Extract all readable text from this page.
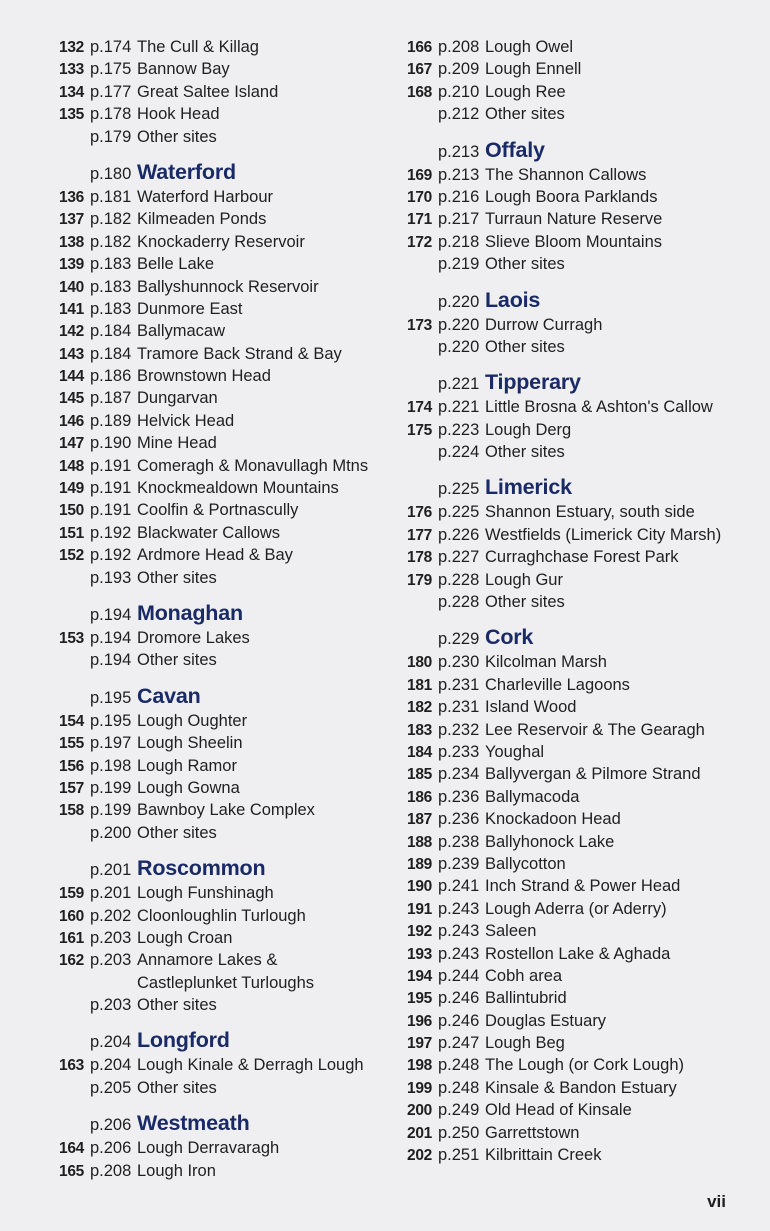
132 p.174 The Cull & Killag
133 p.175 Bannow Bay
134 p.177 Great Saltee Island
135 p.178 Hook Head
p.179 Other sites
p.180 Waterford
136 p.181 Waterford Harbour
137 p.182 Kilmeaden Ponds
138 p.182 Knockaderry Reservoir
139 p.183 Belle Lake
140 p.183 Ballyshunnock Reservoir
141 p.183 Dunmore East
142 p.184 Ballymacaw
143 p.184 Tramore Back Strand & Bay
144 p.186 Brownstown Head
145 p.187 Dungarvan
146 p.189 Helvick Head
147 p.190 Mine Head
148 p.191 Comeragh & Monavullagh Mtns
149 p.191 Knockmealdown Mountains
150 p.191 Coolfin & Portnascully
151 p.192 Blackwater Callows
152 p.192 Ardmore Head & Bay
p.193 Other sites
p.194 Monaghan
153 p.194 Dromore Lakes
p.194 Other sites
p.195 Cavan
154 p.195 Lough Oughter
155 p.197 Lough Sheelin
156 p.198 Lough Ramor
157 p.199 Lough Gowna
158 p.199 Bawnboy Lake Complex
p.200 Other sites
p.201 Roscommon
159 p.201 Lough Funshinagh
160 p.202 Cloonloughlin Turlough
161 p.203 Lough Croan
162 p.203 Annamore Lakes &
Castleplunket Turloughs
p.203 Other sites
p.204 Longford
163 p.204 Lough Kinale & Derragh Lough
p.205 Other sites
p.206 Westmeath
164 p.206 Lough Derravaragh
165 p.208 Lough Iron
166 p.208 Lough Owel
167 p.209 Lough Ennell
168 p.210 Lough Ree
p.212 Other sites
p.213 Offaly
169 p.213 The Shannon Callows
170 p.216 Lough Boora Parklands
171 p.217 Turraun Nature Reserve
172 p.218 Slieve Bloom Mountains
p.219 Other sites
p.220 Laois
173 p.220 Durrow Curragh
p.220 Other sites
p.221 Tipperary
174 p.221 Little Brosna & Ashton's Callow
175 p.223 Lough Derg
p.224 Other sites
p.225 Limerick
176 p.225 Shannon Estuary, south side
177 p.226 Westfields (Limerick City Marsh)
178 p.227 Curraghchase Forest Park
179 p.228 Lough Gur
p.228 Other sites
p.229 Cork
180 p.230 Kilcolman Marsh
181 p.231 Charleville Lagoons
182 p.231 Island Wood
183 p.232 Lee Reservoir & The Gearagh
184 p.233 Youghal
185 p.234 Ballyvergan & Pilmore Strand
186 p.236 Ballymacoda
187 p.236 Knockadoon Head
188 p.238 Ballyhonock Lake
189 p.239 Ballycotton
190 p.241 Inch Strand & Power Head
191 p.243 Lough Aderra (or Aderry)
192 p.243 Saleen
193 p.243 Rostellon Lake & Aghada
194 p.244 Cobh area
195 p.246 Ballintubrid
196 p.246 Douglas Estuary
197 p.247 Lough Beg
198 p.248 The Lough (or Cork Lough)
199 p.248 Kinsale & Bandon Estuary
200 p.249 Old Head of Kinsale
201 p.250 Garrettstown
202 p.251 Kilbrittain Creek
vii
